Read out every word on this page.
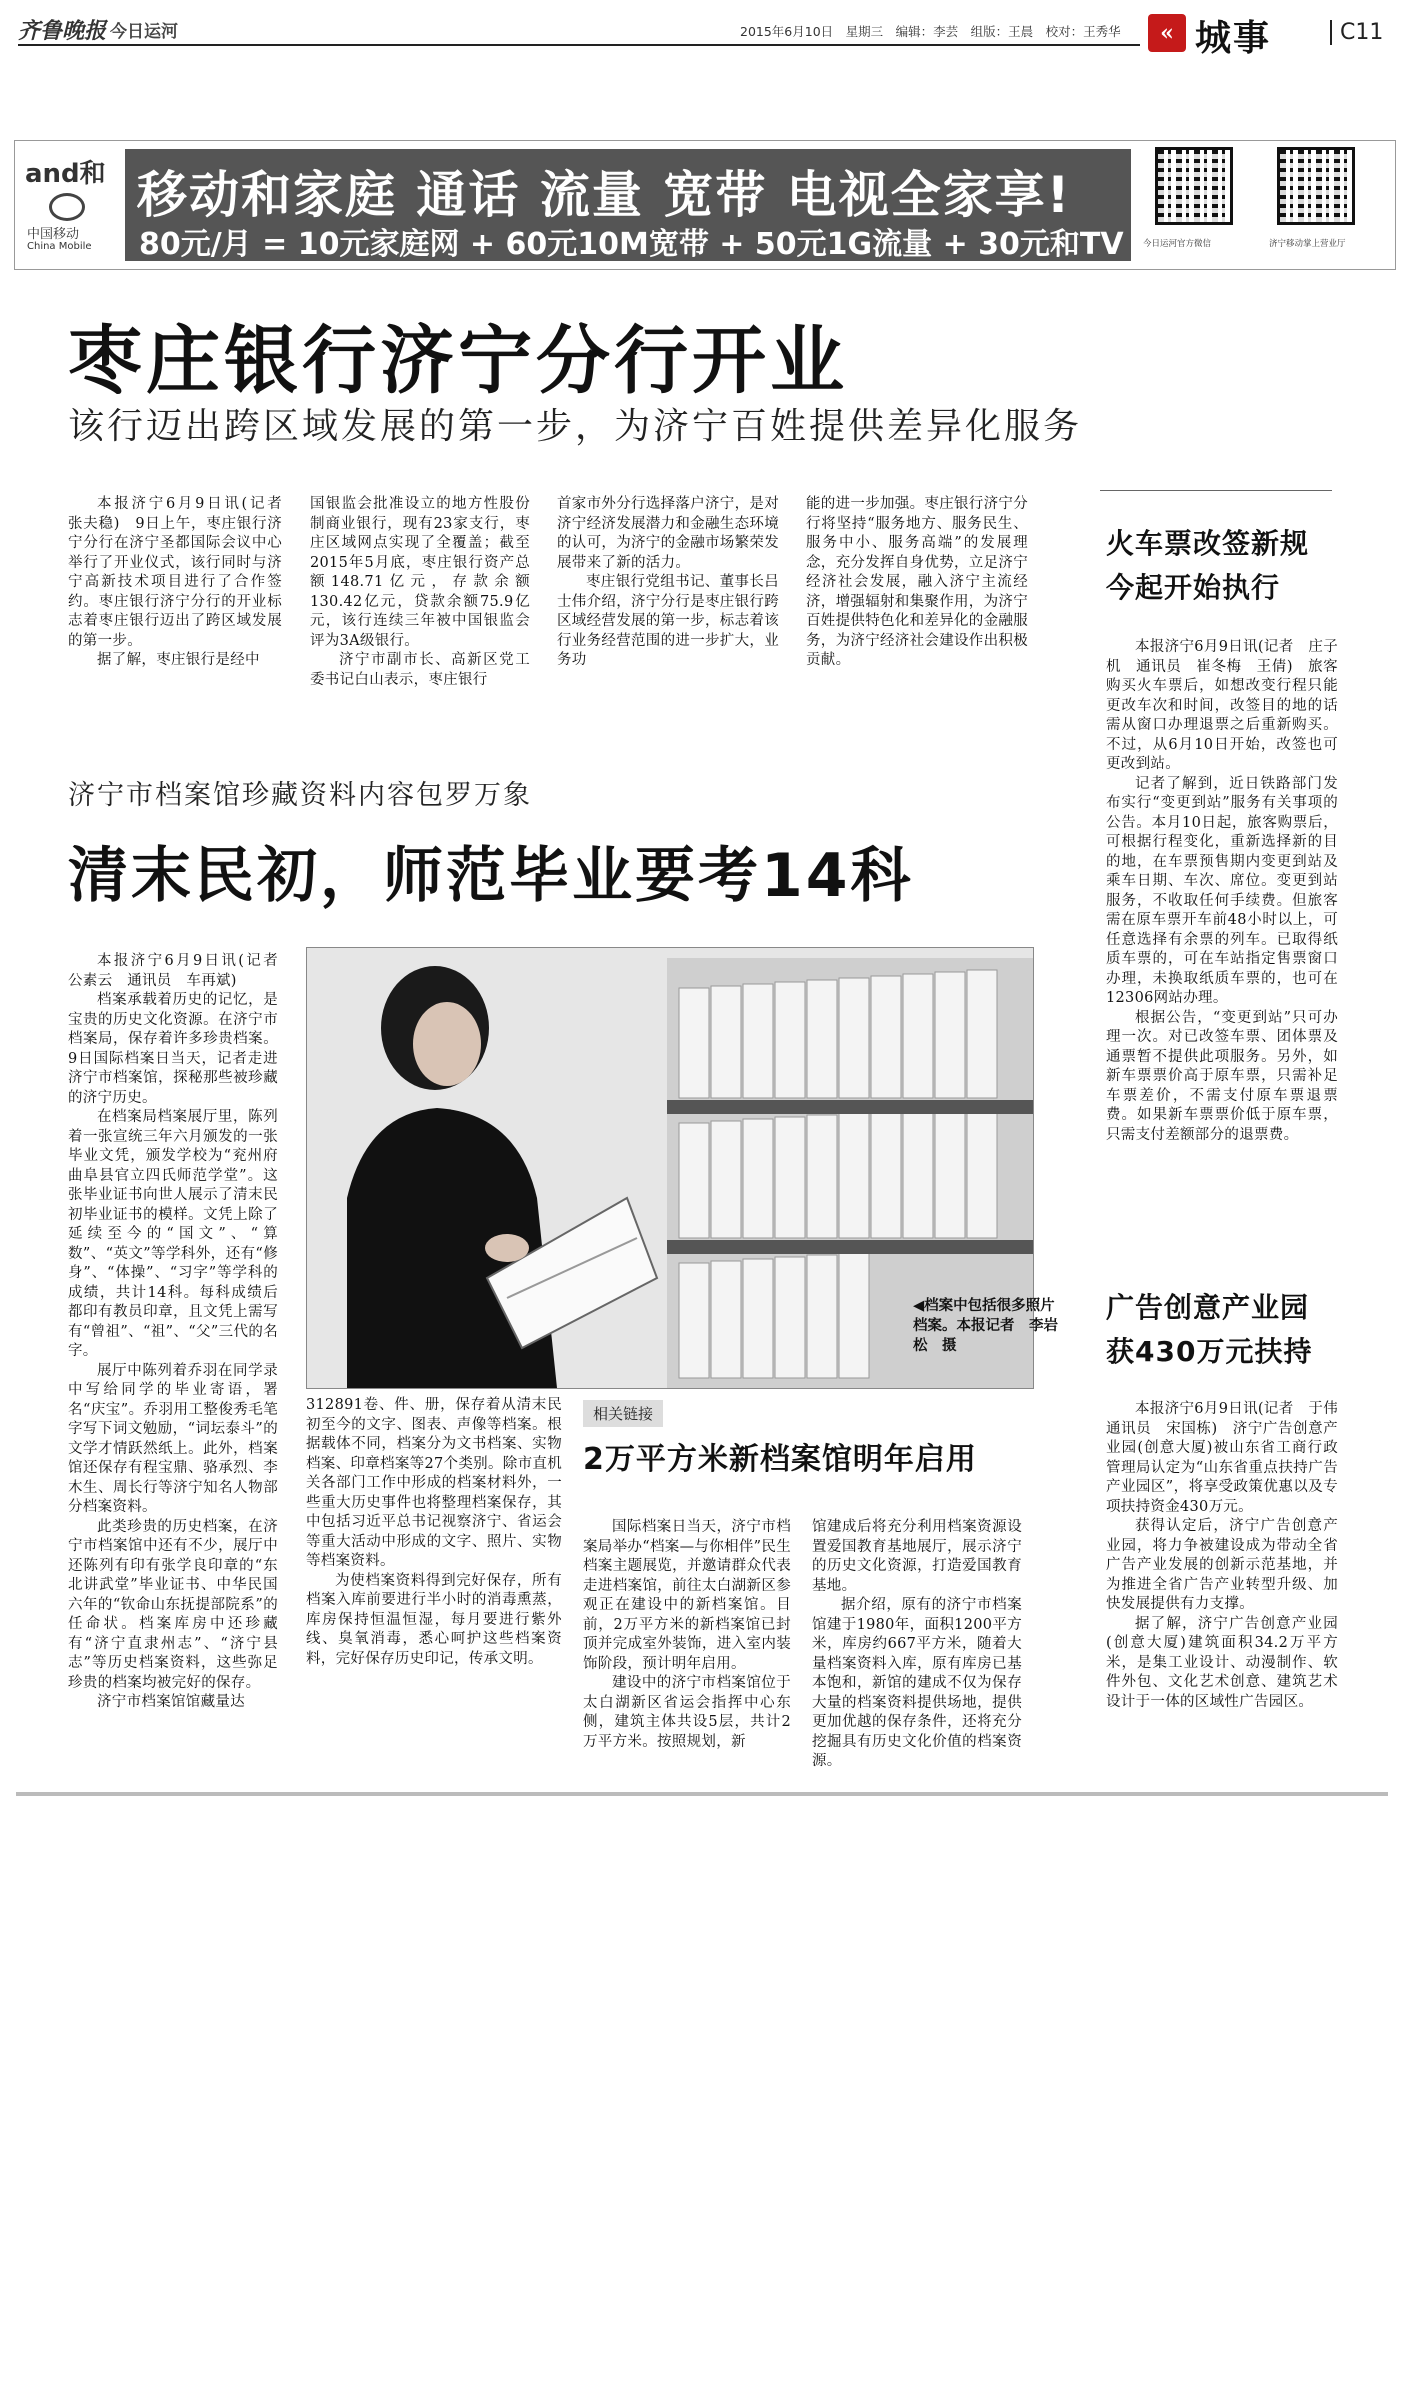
齐鲁晚报 今日运河	2015年6月10日　星期三　编辑：李芸　组版：王晨　校对：王秀华	« 城事	C11
and和
中国移动
China Mobile
移动和家庭 通话 流量 宽带 电视全家享!
80元/月 = 10元家庭网 + 60元10M宽带 + 50元1G流量 + 30元和TV 今日运河官方微信	济宁移动掌上营业厅
枣庄银行济宁分行开业
该行迈出跨区域发展的第一步，为济宁百姓提供差异化服务

本报济宁6月9日讯(记者　张夫稳)　9日上午，枣庄银行济宁分行在济宁圣都国际会议中心举行了开业仪式，该行同时与济宁高新技术项目进行了合作签约。枣庄银行济宁分行的开业标志着枣庄银行迈出了跨区域发展的第一步。

据了解，枣庄银行是经中

国银监会批准设立的地方性股份制商业银行，现有23家支行，枣庄区域网点实现了全覆盖；截至2015年5月底，枣庄银行资产总额148.71亿元，存款余额130.42亿元，贷款余额75.9亿元，该行连续三年被中国银监会评为3A级银行。

济宁市副市长、高新区党工委书记白山表示，枣庄银行

首家市外分行选择落户济宁，是对济宁经济发展潜力和金融生态环境的认可，为济宁的金融市场繁荣发展带来了新的活力。

枣庄银行党组书记、董事长吕士伟介绍，济宁分行是枣庄银行跨区域经营发展的第一步，标志着该行业务经营范围的进一步扩大，业务功

能的进一步加强。枣庄银行济宁分行将坚持“服务地方、服务民生、服务中小、服务高端”的发展理念，充分发挥自身优势，立足济宁经济社会发展，融入济宁主流经济，增强辐射和集聚作用，为济宁百姓提供特色化和差异化的金融服务，为济宁经济社会建设作出积极贡献。

火车票改签新规
今起开始执行

本报济宁6月9日讯(记者　庄子机　通讯员　崔冬梅　王倩)　旅客购买火车票后，如想改变行程只能更改车次和时间，改签目的地的话需从窗口办理退票之后重新购买。不过，从6月10日开始，改签也可更改到站。

记者了解到，近日铁路部门发布实行“变更到站”服务有关事项的公告。本月10日起，旅客购票后，可根据行程变化，重新选择新的目的地，在车票预售期内变更到站及乘车日期、车次、席位。变更到站服务，不收取任何手续费。但旅客需在原车票开车前48小时以上，可任意选择有余票的列车。已取得纸质车票的，可在车站指定售票窗口办理，未换取纸质车票的，也可在12306网站办理。

根据公告，“变更到站”只可办理一次。对已改签车票、团体票及通票暂不提供此项服务。另外，如新车票票价高于原车票，只需补足车票差价，不需支付原车票退票费。如果新车票票价低于原车票，只需支付差额部分的退票费。

广告创意产业园
获430万元扶持

本报济宁6月9日讯(记者　于伟　通讯员　宋国栋)　济宁广告创意产业园(创意大厦)被山东省工商行政管理局认定为“山东省重点扶持广告产业园区”，将享受政策优惠以及专项扶持资金430万元。

获得认定后，济宁广告创意产业园，将力争被建设成为带动全省广告产业发展的创新示范基地，并为推进全省广告产业转型升级、加快发展提供有力支撑。

据了解，济宁广告创意产业园(创意大厦)建筑面积34.2万平方米，是集工业设计、动漫制作、软件外包、文化艺术创意、建筑艺术设计于一体的区域性广告园区。

济宁市档案馆珍藏资料内容包罗万象
清末民初，师范毕业要考14科

本报济宁6月9日讯(记者　公素云　通讯员　车再斌)

档案承载着历史的记忆，是宝贵的历史文化资源。在济宁市档案局，保存着许多珍贵档案。9日国际档案日当天，记者走进济宁市档案馆，探秘那些被珍藏的济宁历史。

在档案局档案展厅里，陈列着一张宣统三年六月颁发的一张毕业文凭，颁发学校为“兖州府曲阜县官立四氏师范学堂”。这张毕业证书向世人展示了清末民初毕业证书的模样。文凭上除了延续至今的“国文”、“算数”、“英文”等学科外，还有“修身”、“体操”、“习字”等学科的成绩，共计14科。每科成绩后都印有教员印章，且文凭上需写有“曾祖”、“祖”、“父”三代的名字。

展厅中陈列着乔羽在同学录中写给同学的毕业寄语，署名“庆宝”。乔羽用工整俊秀毛笔字写下词文勉励，“词坛泰斗”的文学才情跃然纸上。此外，档案馆还保存有程宝鼎、骆承烈、李木生、周长行等济宁知名人物部分档案资料。

此类珍贵的历史档案，在济宁市档案馆中还有不少，展厅中还陈列有印有张学良印章的“东北讲武堂”毕业证书、中华民国六年的“钦命山东抚提部院系”的任命状。档案库房中还珍藏有“济宁直隶州志”、“济宁县志”等历史档案资料，这些弥足珍贵的档案均被完好的保存。

济宁市档案馆馆藏量达

◀档案中包括很多照片档案。本报记者　李岩松　摄

312891卷、件、册，保存着从清末民初至今的文字、图表、声像等档案。根据载体不同，档案分为文书档案、实物档案、印章档案等27个类别。除市直机关各部门工作中形成的档案材料外，一些重大历史事件也将整理档案保存，其中包括习近平总书记视察济宁、省运会等重大活动中形成的文字、照片、实物等档案资料。

为使档案资料得到完好保存，所有档案入库前要进行半小时的消毒熏蒸，库房保持恒温恒湿，每月要进行紫外线、臭氧消毒，悉心呵护这些档案资料，完好保存历史印记，传承文明。

相关链接
2万平方米新档案馆明年启用

国际档案日当天，济宁市档案局举办“档案—与你相伴”民生档案主题展览，并邀请群众代表走进档案馆，前往太白湖新区参观正在建设中的新档案馆。目前，2万平方米的新档案馆已封顶并完成室外装饰，进入室内装饰阶段，预计明年启用。

建设中的济宁市档案馆位于太白湖新区省运会指挥中心东侧，建筑主体共设5层，共计2万平方米。按照规划，新

馆建成后将充分利用档案资源设置爱国教育基地展厅，展示济宁的历史文化资源，打造爱国教育基地。

据介绍，原有的济宁市档案馆建于1980年，面积1200平方米，库房约667平方米，随着大量档案资料入库，原有库房已基本饱和，新馆的建成不仅为保存大量的档案资料提供场地，提供更加优越的保存条件，还将充分挖掘具有历史文化价值的档案资源。
